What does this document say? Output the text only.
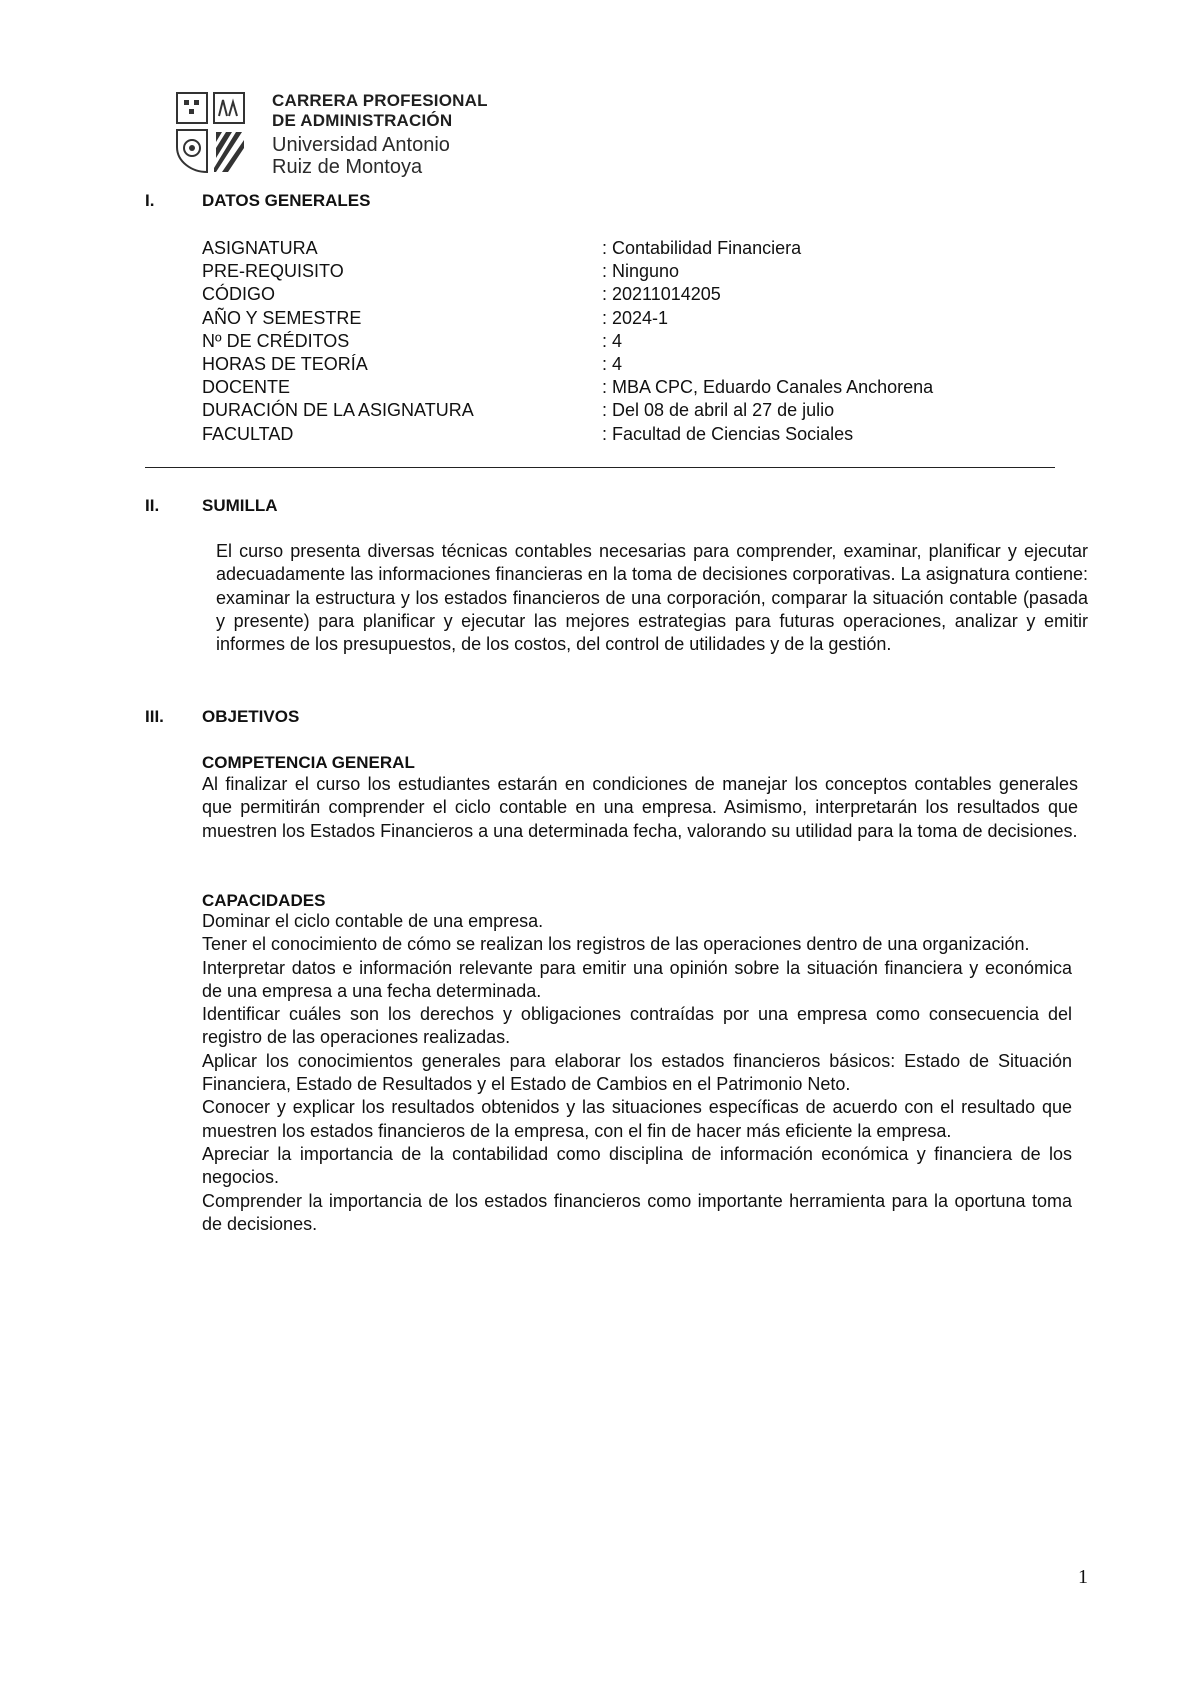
CARRERA PROFESIONAL
DE ADMINISTRACIÓN
Universidad Antonio
Ruiz de Montoya
I.	DATOS GENERALES
ASIGNATURA	: Contabilidad Financiera
PRE-REQUISITO	: Ninguno
CÓDIGO	: 20211014205
AÑO Y SEMESTRE	: 2024-1
Nº DE CRÉDITOS	: 4
HORAS DE TEORÍA	: 4
DOCENTE	: MBA CPC, Eduardo Canales Anchorena
DURACIÓN DE LA ASIGNATURA	: Del 08 de abril al 27 de julio
FACULTAD	: Facultad de Ciencias Sociales
II.	SUMILLA

El curso presenta diversas técnicas contables necesarias para comprender, examinar, planificar y ejecutar adecuadamente las informaciones financieras en la toma de decisiones corporativas. La asignatura contiene: examinar la estructura y los estados financieros de una corporación, comparar la situación contable (pasada y presente) para planificar y ejecutar las mejores estrategias para futuras operaciones, analizar y emitir informes de los presupuestos, de los costos, del control de utilidades y de la gestión.

III. OBJETIVOS
COMPETENCIA GENERAL

Al finalizar el curso los estudiantes estarán en condiciones de manejar los conceptos contables generales que permitirán comprender el ciclo contable en una empresa. Asimismo, interpretarán los resultados que muestren los Estados Financieros a una determinada fecha, valorando su utilidad para la toma de decisiones.

CAPACIDADES
Dominar el ciclo contable de una empresa.
Tener el conocimiento de cómo se realizan los registros de las operaciones dentro de una organización.
Interpretar datos e información relevante para emitir una opinión sobre la situación financiera y económica de una empresa a una fecha determinada.
Identificar cuáles son los derechos y obligaciones contraídas por una empresa como consecuencia del registro de las operaciones realizadas.
Aplicar los conocimientos generales para elaborar los estados financieros básicos: Estado de Situación Financiera, Estado de Resultados y el Estado de Cambios en el Patrimonio Neto.
Conocer y explicar los resultados obtenidos y las situaciones específicas de acuerdo con el resultado que muestren los estados financieros de la empresa, con el fin de hacer más eficiente la empresa.
Apreciar la importancia de la contabilidad como disciplina de información económica y financiera de los negocios.
Comprender la importancia de los estados financieros como importante herramienta para la oportuna toma de decisiones.
1
